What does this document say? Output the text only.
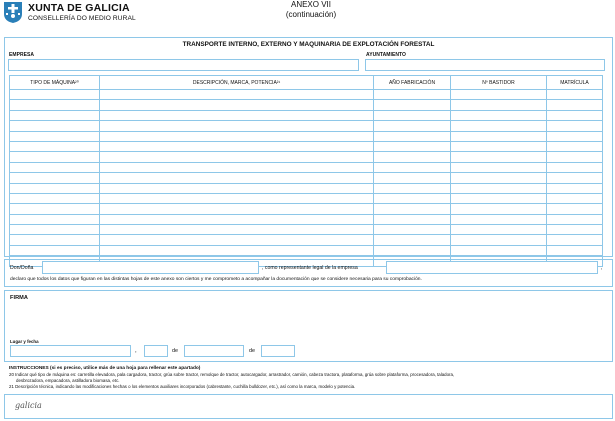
XUNTA DE GALICIA
CONSELLERÍA DO MEDIO RURAL
ANEXO VII
(continuación)
TRANSPORTE INTERNO, EXTERNO Y MAQUINARIA DE EXPLOTACIÓN FORESTAL
EMPRESA	AYUNTAMIENTO
TIPO DE MÁQUINA²⁰	DESCRIPCIÓN, MARCA, POTENCIA²¹	AÑO FABRICACIÓN	Nº BASTIDOR	MATRÍCULA

Don/Doña	, como representante legal de la empresa	,
declaro que todos los datos que figuran en las distintas hojas de este anexo son ciertos y me comprometo a acompañar la documentación que se considere necesaria para su comprobación.
FIRMA
Lugar y fecha
,	de	de
INSTRUCCIONES (si es preciso, utilice más de una hoja para rellenar este apartado)
20 Indicar qué tipo de máquina es: carretilla elevadora, pala cargadora, tractor, grúa sobre tractor, remolque de tractor, autocargador, arrastrador, camión, cabeza tractora, plataforma, grúa sobre plataforma, procesadora, taladora,
desbrozadora, empacadora, astilladora biomasa, etc.
21 Descripción técnica, indicando las modificaciones hechas o los elementos auxiliares incorporados (cabrestante, cuchilla bulldozer, etc.), así como la marca, modelo y potencia.
galicia
